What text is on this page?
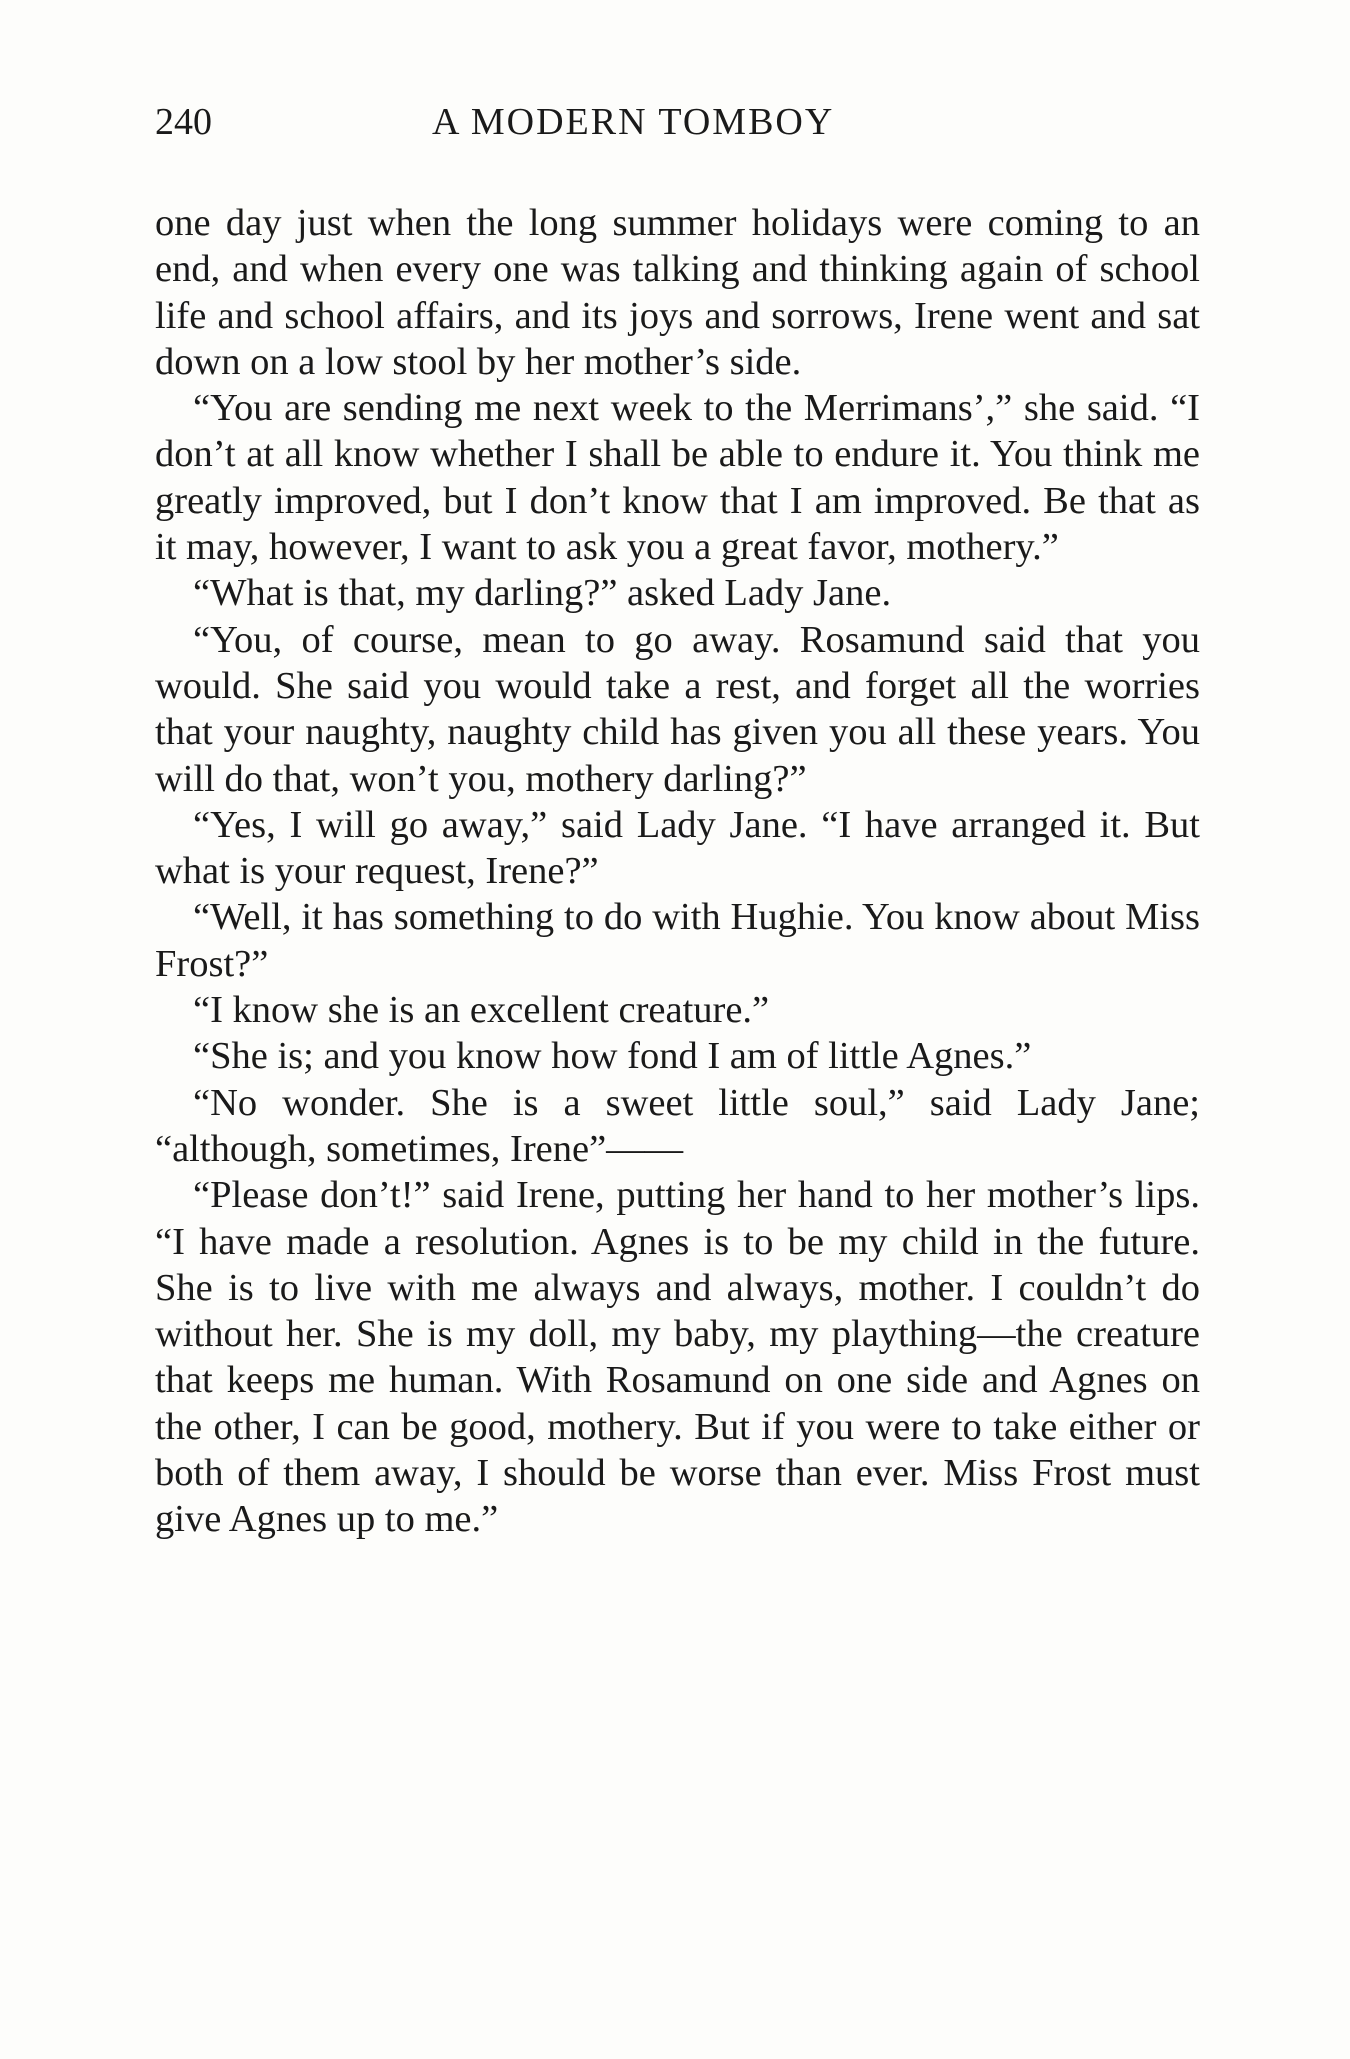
240	A MODERN TOMBOY

one day just when the long summer holidays were coming to an end, and when every one was talking and thinking again of school life and school affairs, and its joys and sorrows, Irene went and sat down on a low stool by her mother’s side.

“You are sending me next week to the Merrimans’,” she said. “I don’t at all know whether I shall be able to endure it. You think me greatly improved, but I don’t know that I am improved. Be that as it may, however, I want to ask you a great favor, mothery.”

“What is that, my darling?” asked Lady Jane.

“You, of course, mean to go away. Rosamund said that you would. She said you would take a rest, and forget all the worries that your naughty, naughty child has given you all these years. You will do that, won’t you, mothery darling?”

“Yes, I will go away,” said Lady Jane. “I have arranged it. But what is your request, Irene?”

“Well, it has something to do with Hughie. You know about Miss Frost?”

“I know she is an excellent creature.”

“She is; and you know how fond I am of little Agnes.”

“No wonder. She is a sweet little soul,” said Lady Jane; “although, sometimes, Irene”——

“Please don’t!” said Irene, putting her hand to her mother’s lips. “I have made a resolution. Agnes is to be my child in the future. She is to live with me always and always, mother. I couldn’t do without her. She is my doll, my baby, my plaything—the creature that keeps me human. With Rosamund on one side and Agnes on the other, I can be good, mothery. But if you were to take either or both of them away, I should be worse than ever. Miss Frost must give Agnes up to me.”
